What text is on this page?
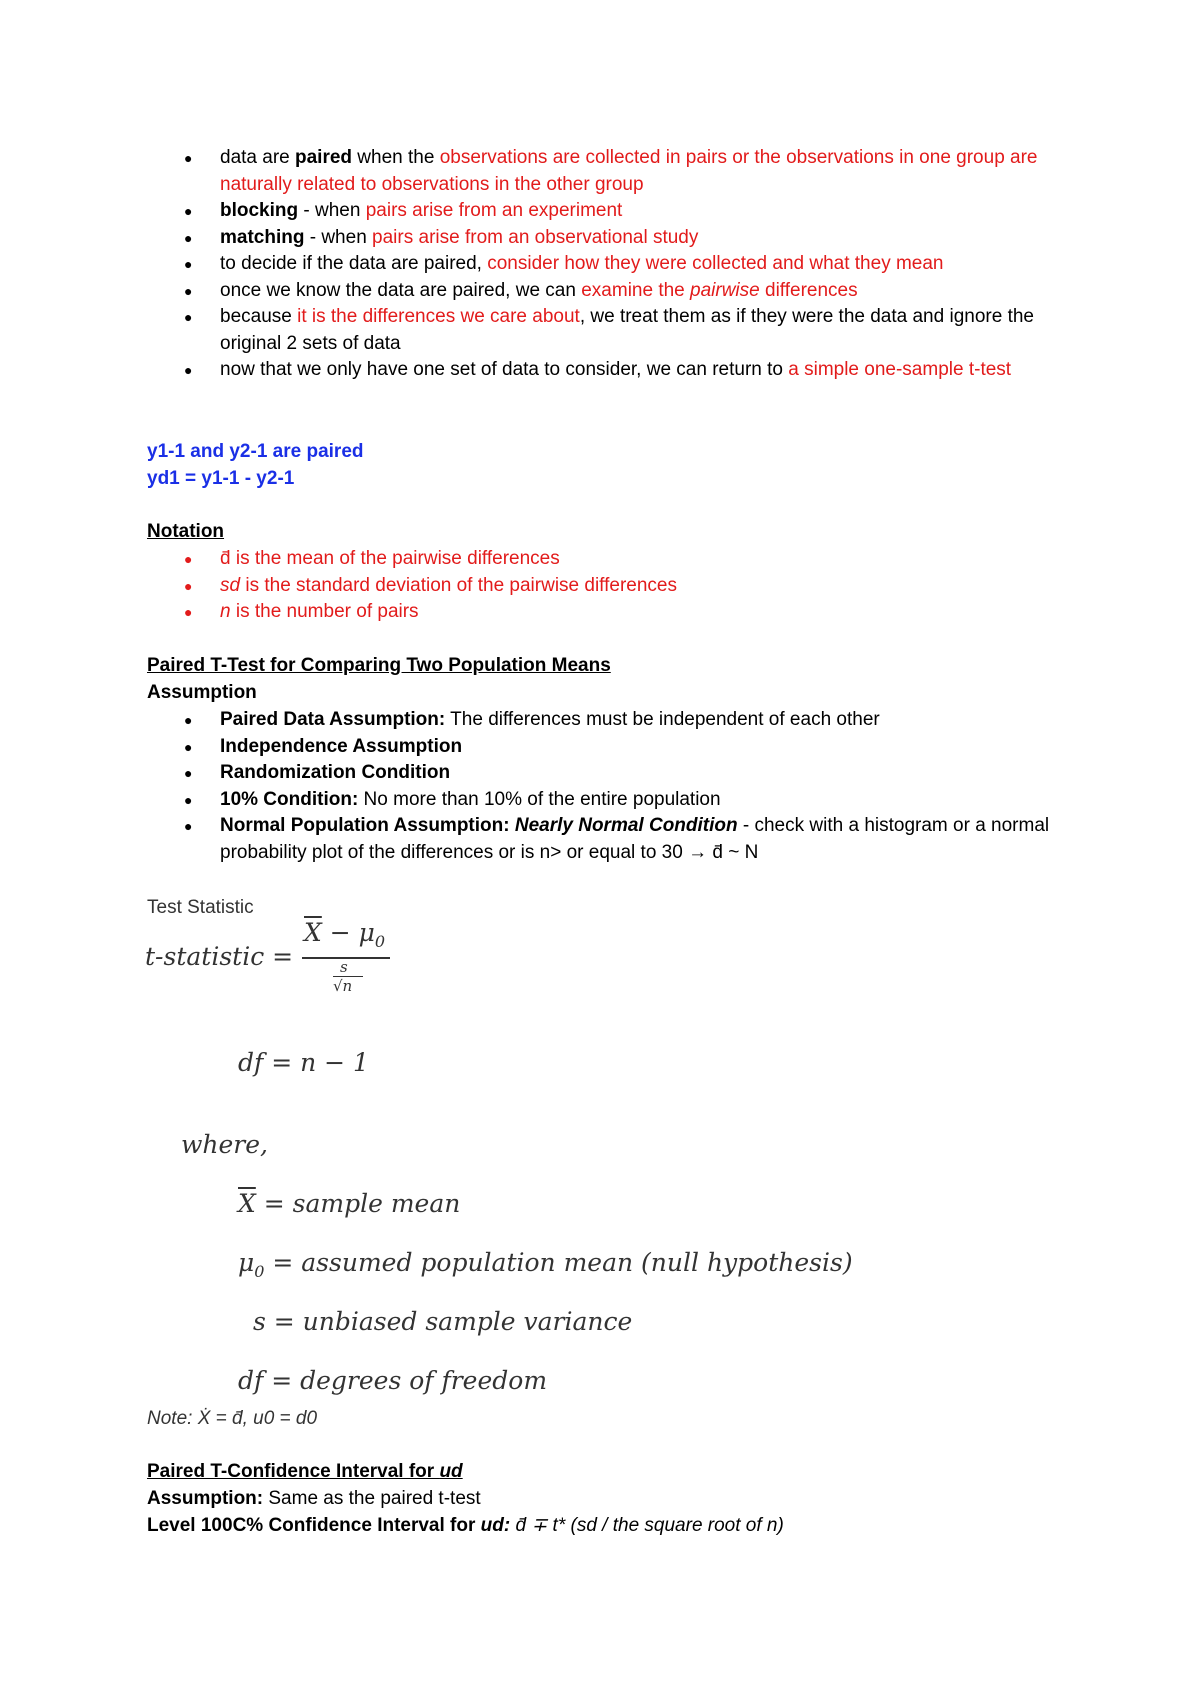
● data are paired when the observations are collected in pairs or the observations in one group are naturally related to observations in the other group
● blocking - when pairs arise from an experiment
● matching - when pairs arise from an observational study
● to decide if the data are paired, consider how they were collected and what they mean
● once we know the data are paired, we can examine the pairwise differences
● because it is the differences we care about, we treat them as if they were the data and ignore the original 2 sets of data
● now that we only have one set of data to consider, we can return to a simple one-sample t-test
y1-1 and y2-1 are paired
yd1 = y1-1 - y2-1
Notation
● d̄ is the mean of the pairwise differences
● sd is the standard deviation of the pairwise differences
● n is the number of pairs
Paired T-Test for Comparing Two Population Means
Assumption
● Paired Data Assumption: The differences must be independent of each other
● Independence Assumption
● Randomization Condition
● 10% Condition: No more than 10% of the entire population
● Normal Population Assumption: Nearly Normal Condition - check with a histogram or a normal probability plot of the differences or is n> or equal to 30 → d̄ ~ N
Test Statistic
t-statistic =
$\overline{X} - \mu_0$
s
√n
df = n − 1
where,
$\overline{X}$ = sample mean
$\mu_0$ = assumed population mean (null hypothesis)
s = unbiased sample variance
df = degrees of freedom
Note: Ẋ = d̄, u0 = d0
Paired T-Confidence Interval for ud
Assumption: Same as the paired t-test
Level 100C% Confidence Interval for ud: d̄ ∓ t* (sd / the square root of n)
